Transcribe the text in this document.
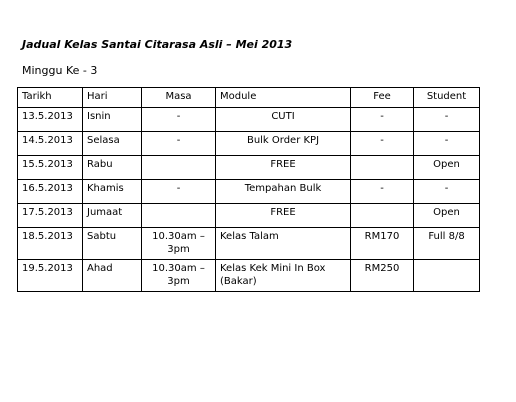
Jadual Kelas Santai Citarasa Asli – Mei 2013
Minggu Ke - 3
Tarikh	Hari	Masa	Module	Fee	Student
13.5.2013	Isnin	-	CUTI	-	-
14.5.2013	Selasa	-	Bulk Order KPJ	-	-
15.5.2013	Rabu		FREE		Open
16.5.2013	Khamis	-	Tempahan Bulk	-	-
17.5.2013	Jumaat		FREE		Open
18.5.2013	Sabtu	10.30am – 3pm	Kelas Talam	RM170	Full 8/8
19.5.2013	Ahad	10.30am – 3pm	Kelas Kek Mini In Box (Bakar)	RM250	
